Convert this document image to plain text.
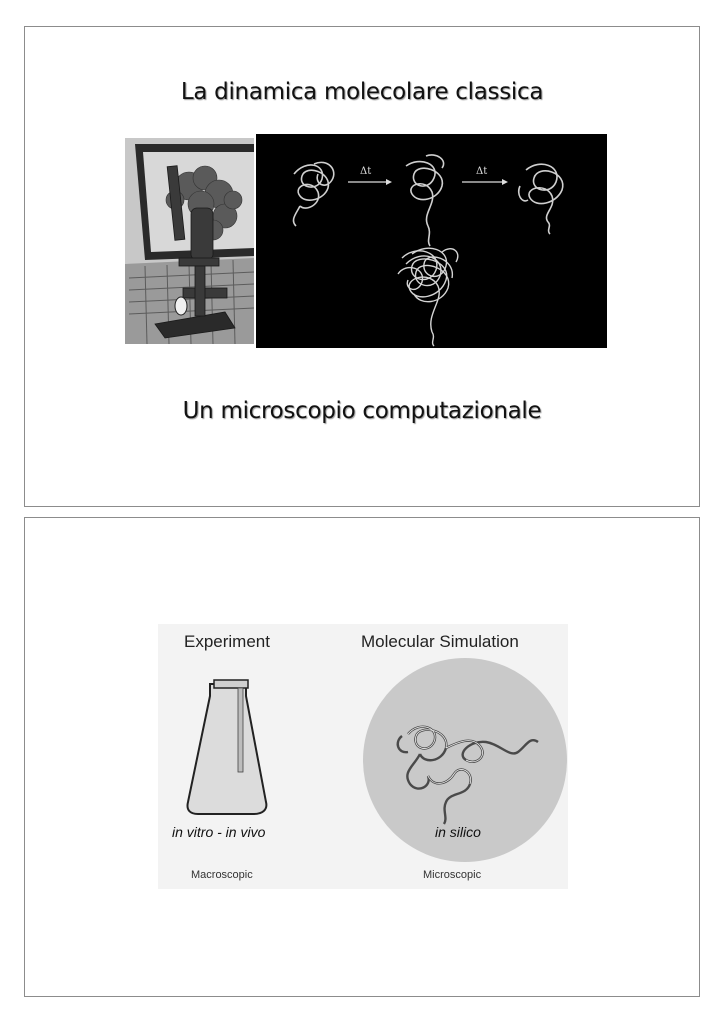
La dinamica molecolare classica
Δt	Δt
Un microscopio computazionale
Experiment	Molecular Simulation
in vitro - in vivo	in silico
Macroscopic	Microscopic
